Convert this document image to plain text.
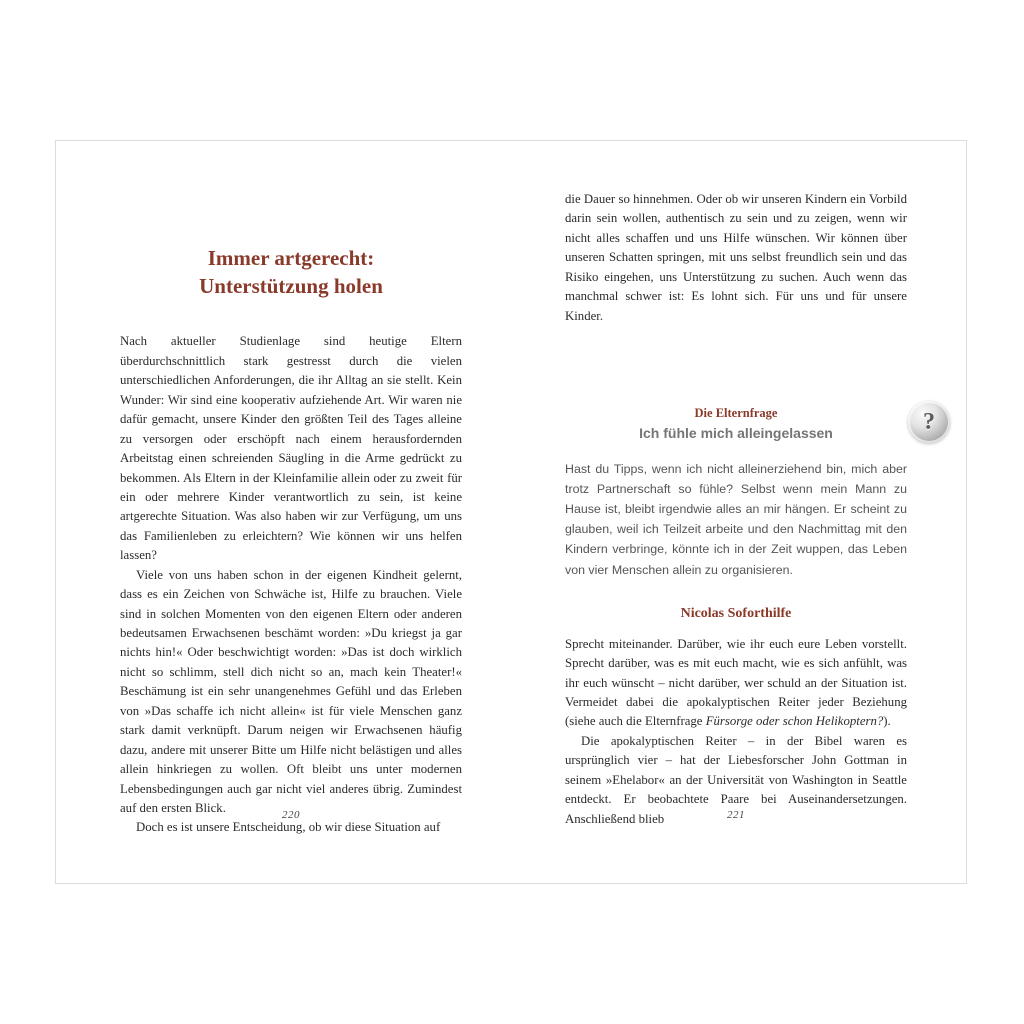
Immer artgerecht:
Unterstützung holen

Nach aktueller Studienlage sind heutige Eltern überdurchschnittlich stark gestresst durch die vielen unterschiedlichen Anforderungen, die ihr Alltag an sie stellt. Kein Wunder: Wir sind eine kooperativ aufziehende Art. Wir waren nie dafür gemacht, unsere Kinder den größten Teil des Tages alleine zu versorgen oder erschöpft nach einem herausfordernden Arbeitstag einen schreienden Säugling in die Arme gedrückt zu bekommen. Als Eltern in der Kleinfamilie allein oder zu zweit für ein oder mehrere Kinder verantwortlich zu sein, ist keine artgerechte Situation. Was also haben wir zur Verfügung, um uns das Familienleben zu erleichtern? Wie können wir uns helfen lassen?

Viele von uns haben schon in der eigenen Kindheit gelernt, dass es ein Zeichen von Schwäche ist, Hilfe zu brauchen. Viele sind in solchen Momenten von den eigenen Eltern oder anderen bedeutsamen Erwachsenen beschämt worden: »Du kriegst ja gar nichts hin!« Oder beschwichtigt worden: »Das ist doch wirklich nicht so schlimm, stell dich nicht so an, mach kein Theater!« Beschämung ist ein sehr unangenehmes Gefühl und das Erleben von »Das schaffe ich nicht allein« ist für viele Menschen ganz stark damit verknüpft. Darum neigen wir Erwachsenen häufig dazu, andere mit unserer Bitte um Hilfe nicht belästigen und alles allein hinkriegen zu wollen. Oft bleibt uns unter modernen Lebensbedingungen auch gar nicht viel anderes übrig. Zumindest auf den ersten Blick.

Doch es ist unsere Entscheidung, ob wir diese Situation auf

220

die Dauer so hinnehmen. Oder ob wir unseren Kindern ein Vorbild darin sein wollen, authentisch zu sein und zu zeigen, wenn wir nicht alles schaffen und uns Hilfe wünschen. Wir können über unseren Schatten springen, mit uns selbst freundlich sein und das Risiko eingehen, uns Unterstützung zu suchen. Auch wenn das manchmal schwer ist: Es lohnt sich. Für uns und für unsere Kinder.

Die Elternfrage
Ich fühle mich alleingelassen
Hast du Tipps, wenn ich nicht alleinerziehend bin, mich aber trotz Partnerschaft so fühle? Selbst wenn mein Mann zu Hause ist, bleibt irgendwie alles an mir hängen. Er scheint zu glauben, weil ich Teilzeit arbeite und den Nachmittag mit den Kindern verbringe, könnte ich in der Zeit wuppen, das Leben von vier Menschen allein zu organisieren.
Nicolas Soforthilfe

Sprecht miteinander. Darüber, wie ihr euch eure Leben vorstellt. Sprecht darüber, was es mit euch macht, wie es sich anfühlt, was ihr euch wünscht – nicht darüber, wer schuld an der Situation ist. Vermeidet dabei die apokalyptischen Reiter jeder Beziehung (siehe auch die Elternfrage Fürsorge oder schon Helikoptern?).

Die apokalyptischen Reiter – in der Bibel waren es ursprünglich vier – hat der Liebesforscher John Gottman in seinem »Ehelabor« an der Universität von Washington in Seattle entdeckt. Er beobachtete Paare bei Auseinandersetzungen. Anschließend blieb	221
?
